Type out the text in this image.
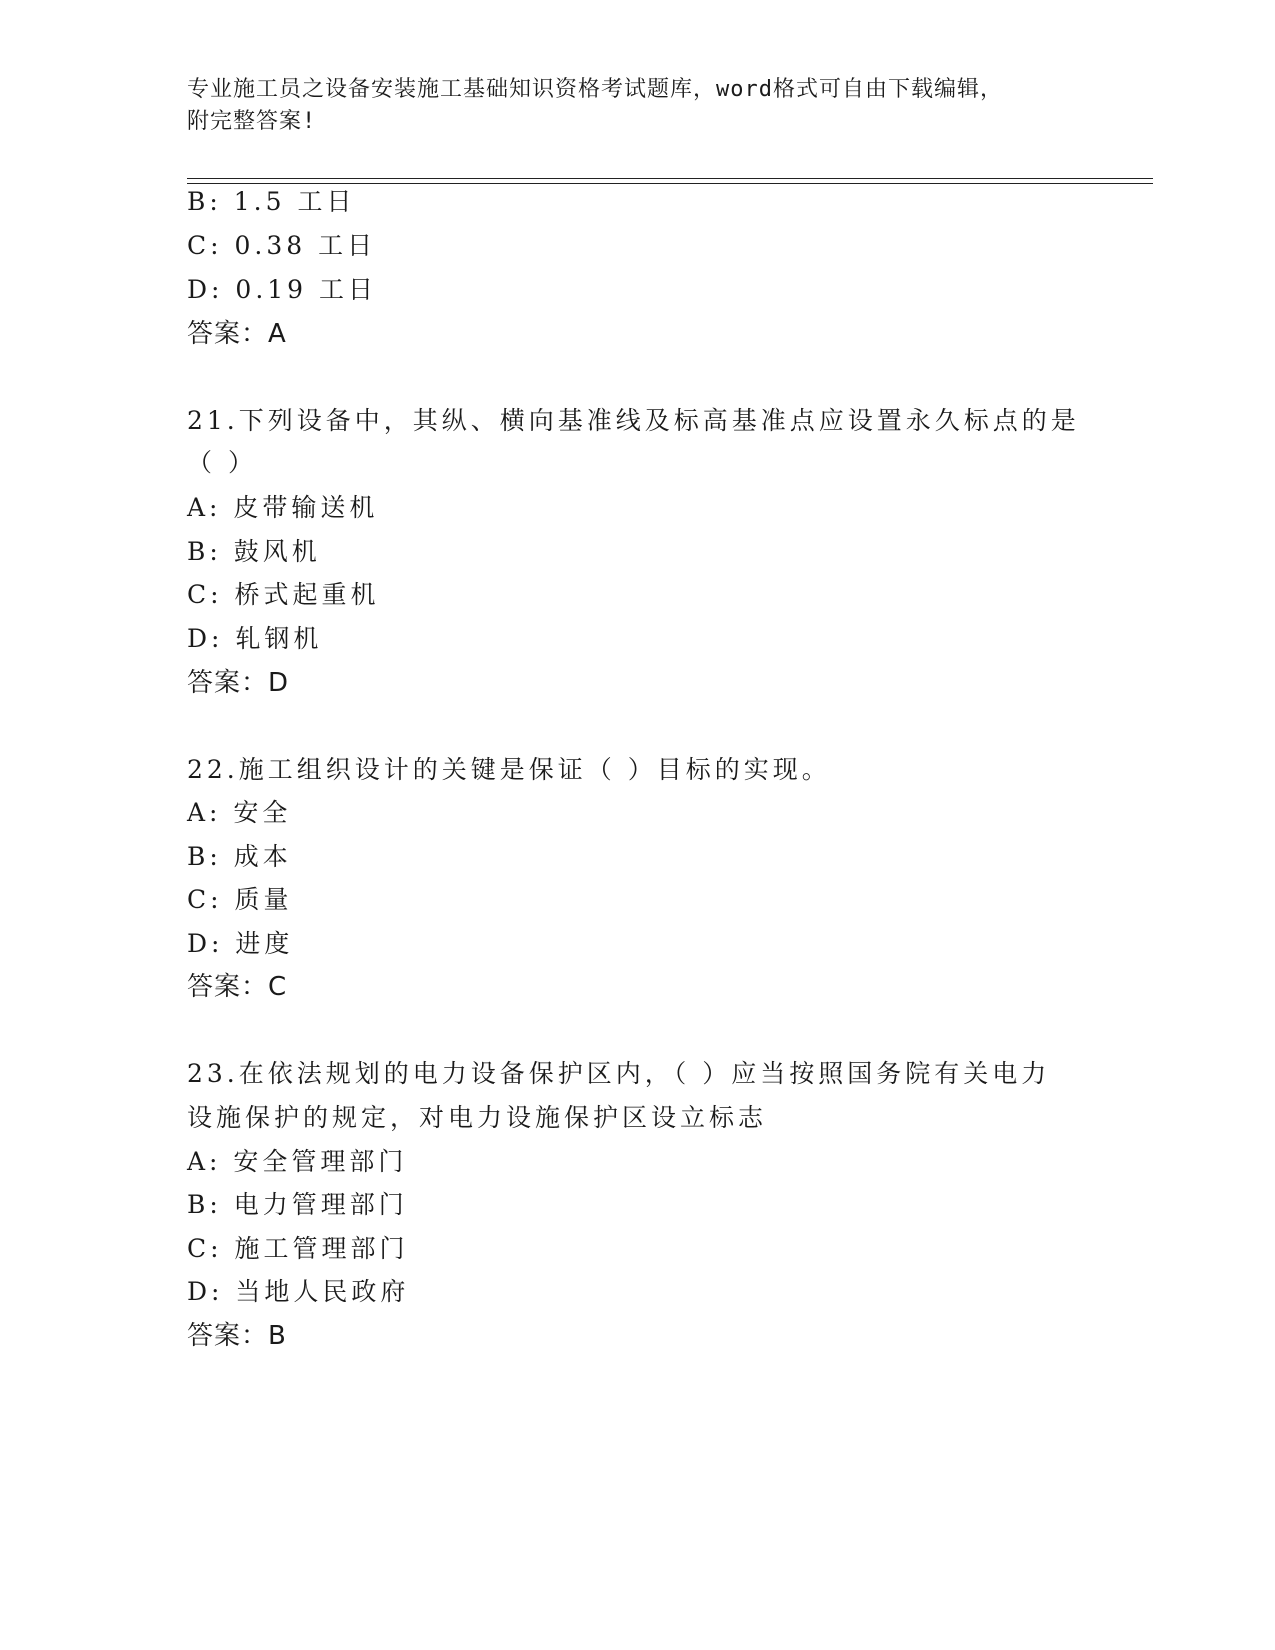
专业施工员之设备安装施工基础知识资格考试题库，word格式可自由下载编辑，
附完整答案!
B: 1.5 工日
C: 0.38 工日
D: 0.19 工日
答案：A
21.下列设备中，其纵、横向基准线及标高基准点应设置永久标点的是
（ ）
A: 皮带输送机
B: 鼓风机
C: 桥式起重机
D: 轧钢机
答案：D
22.施工组织设计的关键是保证（ ）目标的实现。
A: 安全
B: 成本
C: 质量
D: 进度
答案：C
23.在依法规划的电力设备保护区内，（ ）应当按照国务院有关电力
设施保护的规定，对电力设施保护区设立标志
A: 安全管理部门
B: 电力管理部门
C: 施工管理部门
D: 当地人民政府
答案：B
